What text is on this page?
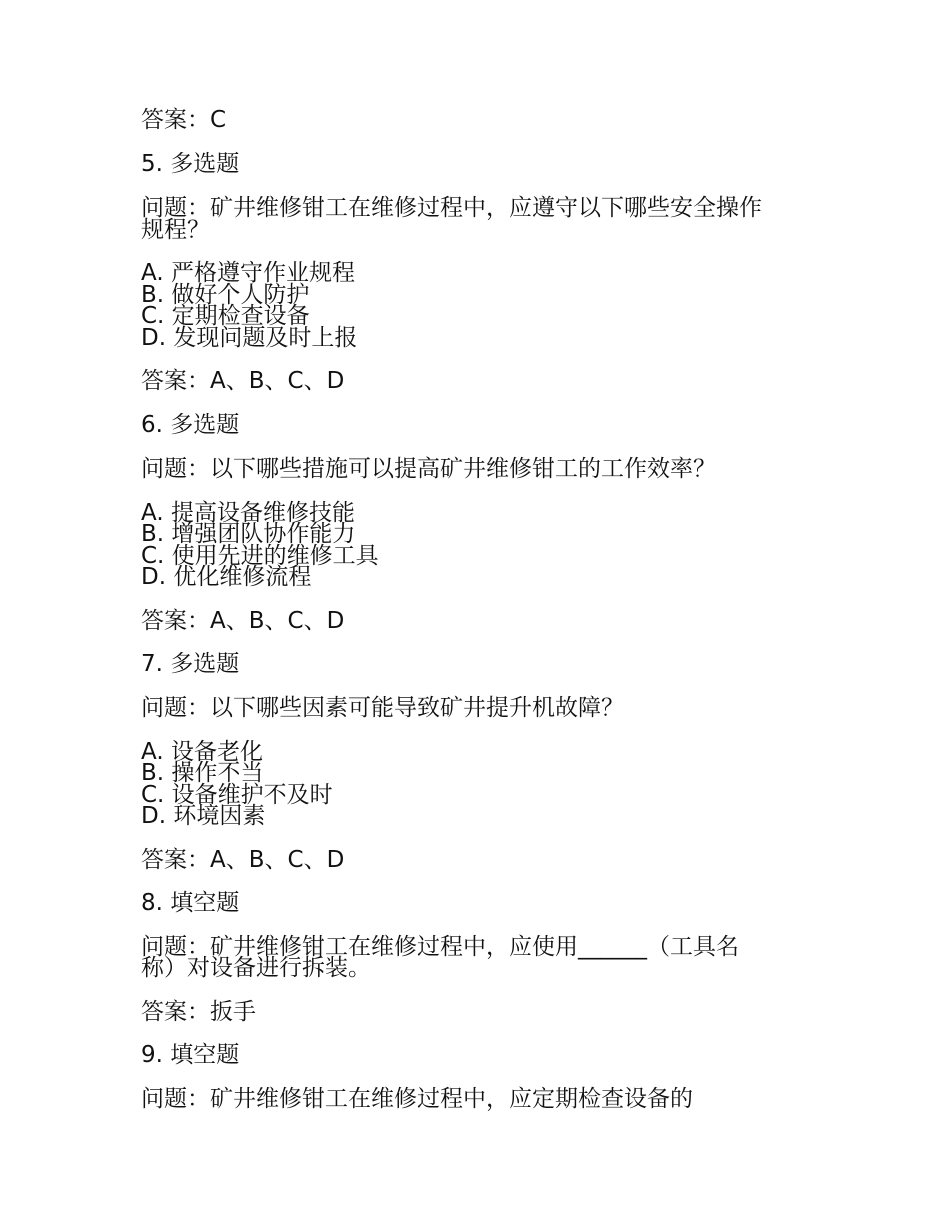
答案：C
5. 多选题
问题：矿井维修钳工在维修过程中，应遵守以下哪些安全操作
规程？
A. 严格遵守作业规程
B. 做好个人防护
C. 定期检查设备
D. 发现问题及时上报
答案：A、B、C、D
6. 多选题
问题：以下哪些措施可以提高矿井维修钳工的工作效率？
A. 提高设备维修技能
B. 增强团队协作能力
C. 使用先进的维修工具
D. 优化维修流程
答案：A、B、C、D
7. 多选题
问题：以下哪些因素可能导致矿井提升机故障？
A. 设备老化
B. 操作不当
C. 设备维护不及时
D. 环境因素
答案：A、B、C、D
8. 填空题
问题：矿井维修钳工在维修过程中，应使用______（工具名
称）对设备进行拆装。
答案：扳手
9. 填空题
问题：矿井维修钳工在维修过程中，应定期检查设备的
